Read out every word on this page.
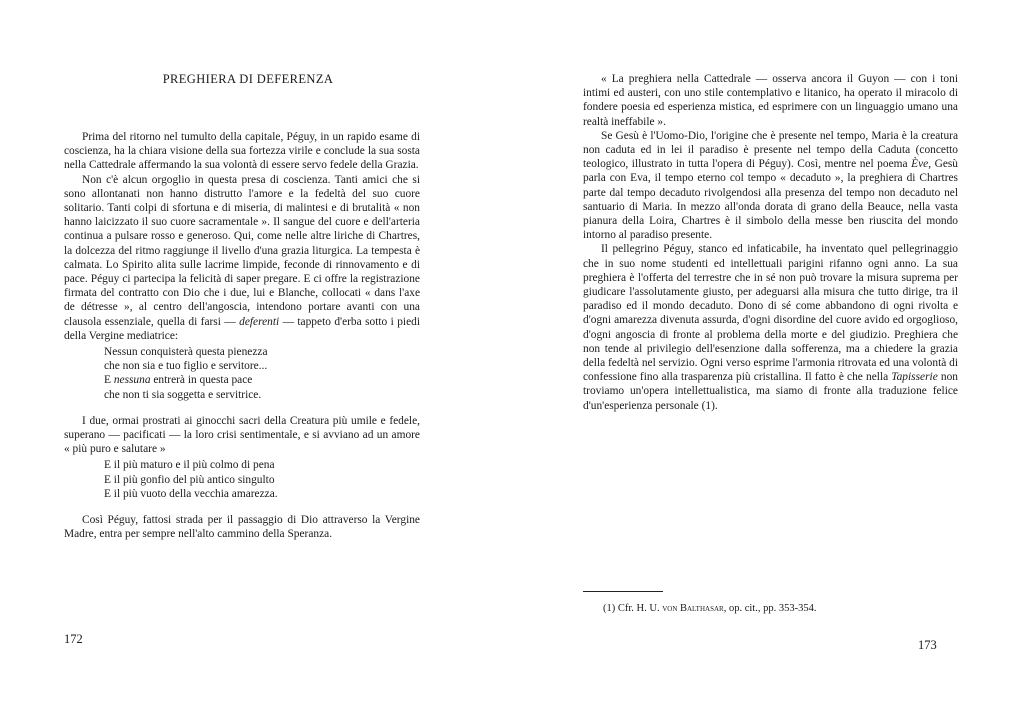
PREGHIERA DI DEFERENZA

Prima del ritorno nel tumulto della capitale, Péguy, in un rapido esame di coscienza, ha la chiara visione della sua fortezza virile e conclude la sua sosta nella Cattedrale affermando la sua volontà di essere servo fedele della Grazia.

Non c'è alcun orgoglio in questa presa di coscienza. Tanti amici che si sono allontanati non hanno distrutto l'amore e la fedeltà del suo cuore solitario. Tanti colpi di sfortuna e di miseria, di malintesi e di brutalità « non hanno laicizzato il suo cuore sacramentale ». Il sangue del cuore e dell'arteria continua a pulsare rosso e generoso. Qui, come nelle altre liriche di Chartres, la dolcezza del ritmo raggiunge il livello d'una grazia liturgica. La tempesta è calmata. Lo Spirito alita sulle lacrime limpide, feconde di rinnovamento e di pace. Péguy ci partecipa la felicità di saper pregare. E ci offre la registrazione firmata del contratto con Dio che i due, lui e Blanche, collocati « dans l'axe de détresse », al centro dell'angoscia, intendono portare avanti con una clausola essenziale, quella di farsi — deferenti — tappeto d'erba sotto i piedi della Vergine mediatrice:

Nessun conquisterà questa pienezza
che non sia e tuo figlio e servitore...
E nessuna entrerà in questa pace
che non ti sia soggetta e servitrice.

I due, ormai prostrati ai ginocchi sacri della Creatura più umile e fedele, superano — pacificati — la loro crisi sentimentale, e si avviano ad un amore « più puro e salutare »

E il più maturo e il più colmo di pena
E il più gonfio del più antico singulto
E il più vuoto della vecchia amarezza.

Così Péguy, fattosi strada per il passaggio di Dio attraverso la Vergine Madre, entra per sempre nell'alto cammino della Speranza.

172

« La preghiera nella Cattedrale — osserva ancora il Guyon — con i toni intimi ed austeri, con uno stile contemplativo e litanico, ha operato il miracolo di fondere poesia ed esperienza mistica, ed esprimere con un linguaggio umano una realtà ineffabile ».

Se Gesù è l'Uomo-Dio, l'origine che è presente nel tempo, Maria è la creatura non caduta ed in lei il paradiso è presente nel tempo della Caduta (concetto teologico, illustrato in tutta l'opera di Péguy). Così, mentre nel poema Ève, Gesù parla con Eva, il tempo eterno col tempo « decaduto », la preghiera di Chartres parte dal tempo decaduto rivolgendosi alla presenza del tempo non decaduto nel santuario di Maria. In mezzo all'onda dorata di grano della Beauce, nella vasta pianura della Loira, Chartres è il simbolo della messe ben riuscita del mondo intorno al paradiso presente.

Il pellegrino Péguy, stanco ed infaticabile, ha inventato quel pellegrinaggio che in suo nome studenti ed intellettuali parigini rifanno ogni anno. La sua preghiera è l'offerta del terrestre che in sé non può trovare la misura suprema per giudicare l'assolutamente giusto, per adeguarsi alla misura che tutto dirige, tra il paradiso ed il mondo decaduto. Dono di sé come abbandono di ogni rivolta e d'ogni amarezza divenuta assurda, d'ogni disordine del cuore avido ed orgoglioso, d'ogni angoscia di fronte al problema della morte e del giudizio. Preghiera che non tende al privilegio dell'esenzione dalla sofferenza, ma a chiedere la grazia della fedeltà nel servizio. Ogni verso esprime l'armonia ritrovata ed una volontà di confessione fino alla trasparenza più cristallina. Il fatto è che nella Tapisserie non troviamo un'opera intellettualistica, ma siamo di fronte alla traduzione felice d'un'esperienza personale (1).

(1) Cfr. H. U. von Balthasar, op. cit., pp. 353-354.
173
